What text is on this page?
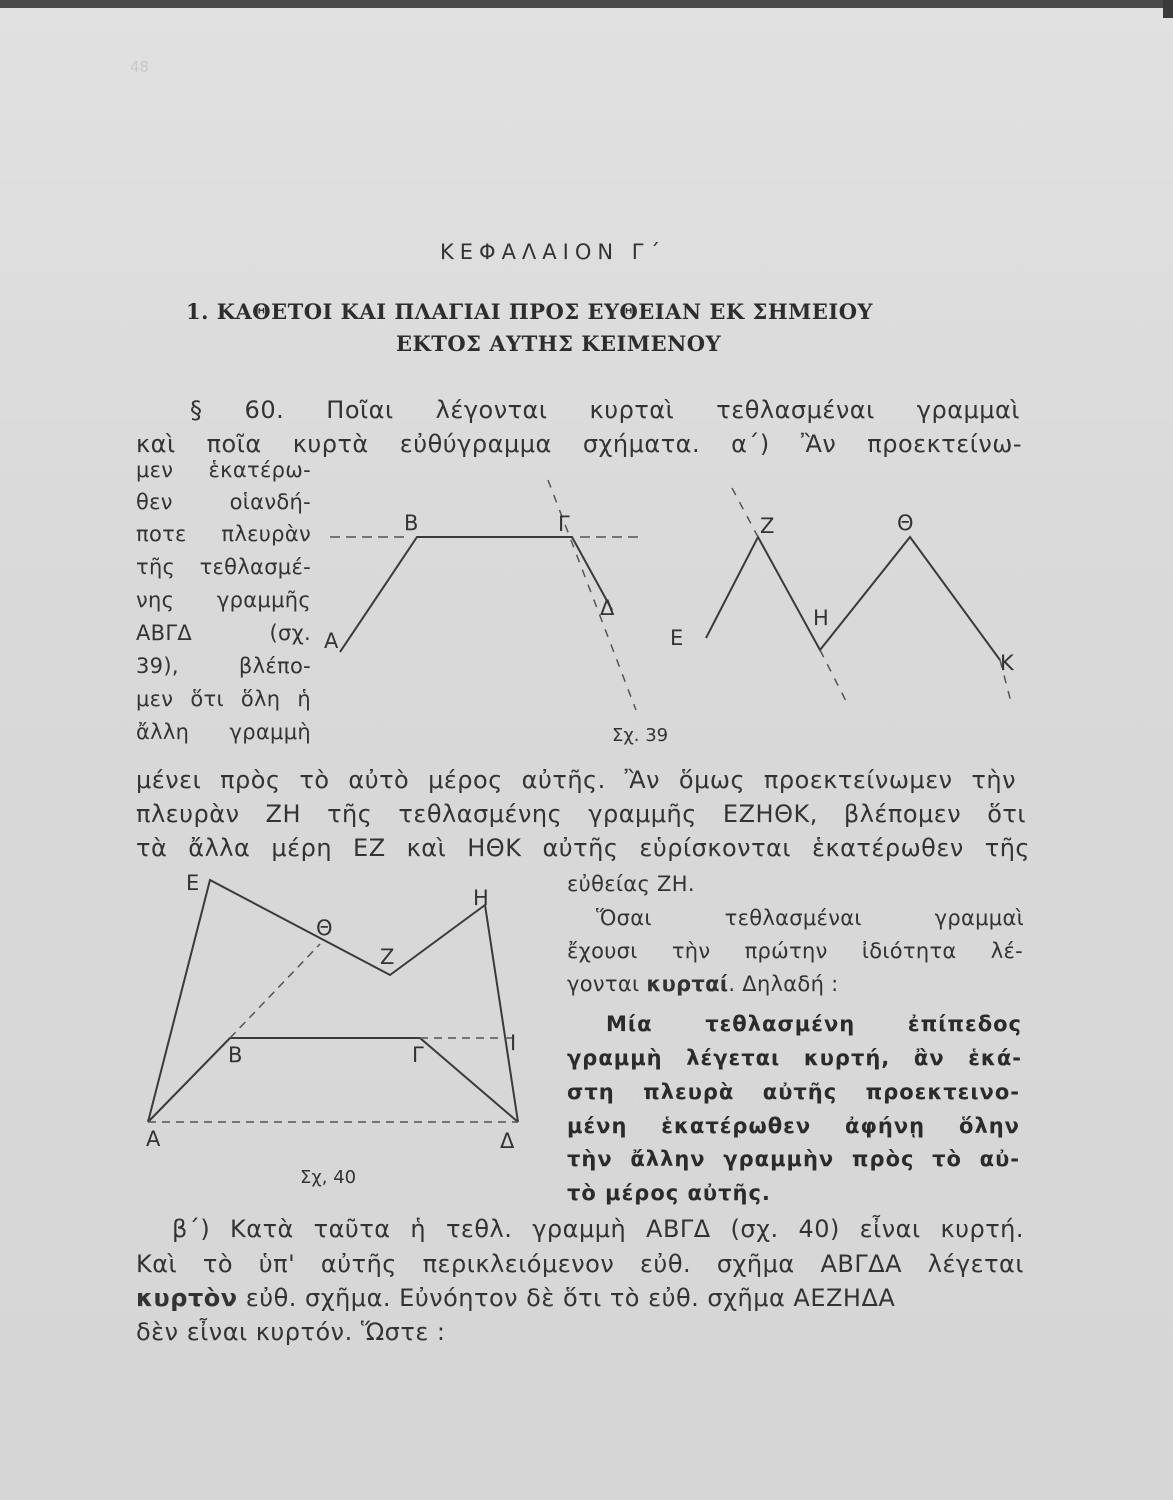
48
ΚΕΦΑΛΑΙΟΝ Γ΄
1. ΚΑΘΕΤΟΙ ΚΑΙ ΠΛΑΓΙΑΙ ΠΡΟΣ ΕΥΘΕΙΑΝ ΕΚ ΣΗΜΕΙΟΥ
ΕΚΤΟΣ ΑΥΤΗΣ ΚΕΙΜΕΝΟΥ
§ 60. Ποῖαι λέγονται κυρταὶ τεθλασμέναι γραμμαὶ
καὶ ποῖα κυρτὰ εὐθύγραμμα σχήματα. α΄) Ἂν προεκτείνω-
μεν ἑκατέρω-
θεν οἱανδή-
ποτε πλευρὰν
τῆς τεθλασμέ-
νης γραμμῆς
ΑΒΓΔ (σχ.
39), βλέπο-
μεν ὅτι ὅλη ἡ
ἄλλη γραμμὴ
Α
Β	Γ
Δ
Ε
Ζ
Η
Θ
Κ
Σχ. 39
μένει πρὸς τὸ αὐτὸ μέρος αὐτῆς. Ἂν ὅμως προεκτείνωμεν τὴν
πλευρὰν ΖΗ τῆς τεθλασμένης γραμμῆς ΕΖΗΘΚ, βλέπομεν ὅτι
τὰ ἄλλα μέρη ΕΖ καὶ ΗΘΚ αὐτῆς εὑρίσκονται ἑκατέρωθεν τῆς
Ε
Θ
Ζ
Η
Β	Γ	Ι
Α	Δ
Σχ, 40
εὐθείας ΖΗ.
Ὅσαι τεθλασμέναι γραμμαὶ
ἔχουσι τὴν πρώτην ἰδιότητα λέ-
γονται κυρταί. Δηλαδή :
Μία τεθλασμένη ἐπίπεδος
γραμμὴ λέγεται κυρτή, ἂν ἑκά-
στη πλευρὰ αὐτῆς προεκτεινο-
μένη ἑκατέρωθεν ἀφήνῃ ὅλην
τὴν ἄλλην γραμμὴν πρὸς τὸ αὐ-
τὸ μέρος αὐτῆς.
β΄) Κατὰ ταῦτα ἡ τεθλ. γραμμὴ ΑΒΓΔ (σχ. 40) εἶναι κυρτή.
Καὶ τὸ ὑπ' αὐτῆς περικλειόμενον εὐθ. σχῆμα ΑΒΓΔΑ λέγεται
κυρτὸν εὐθ. σχῆμα. Εὐνόητον δὲ ὅτι τὸ εὐθ. σχῆμα ΑΕΖΗΔΑ
δὲν εἶναι κυρτόν. Ὥστε :
